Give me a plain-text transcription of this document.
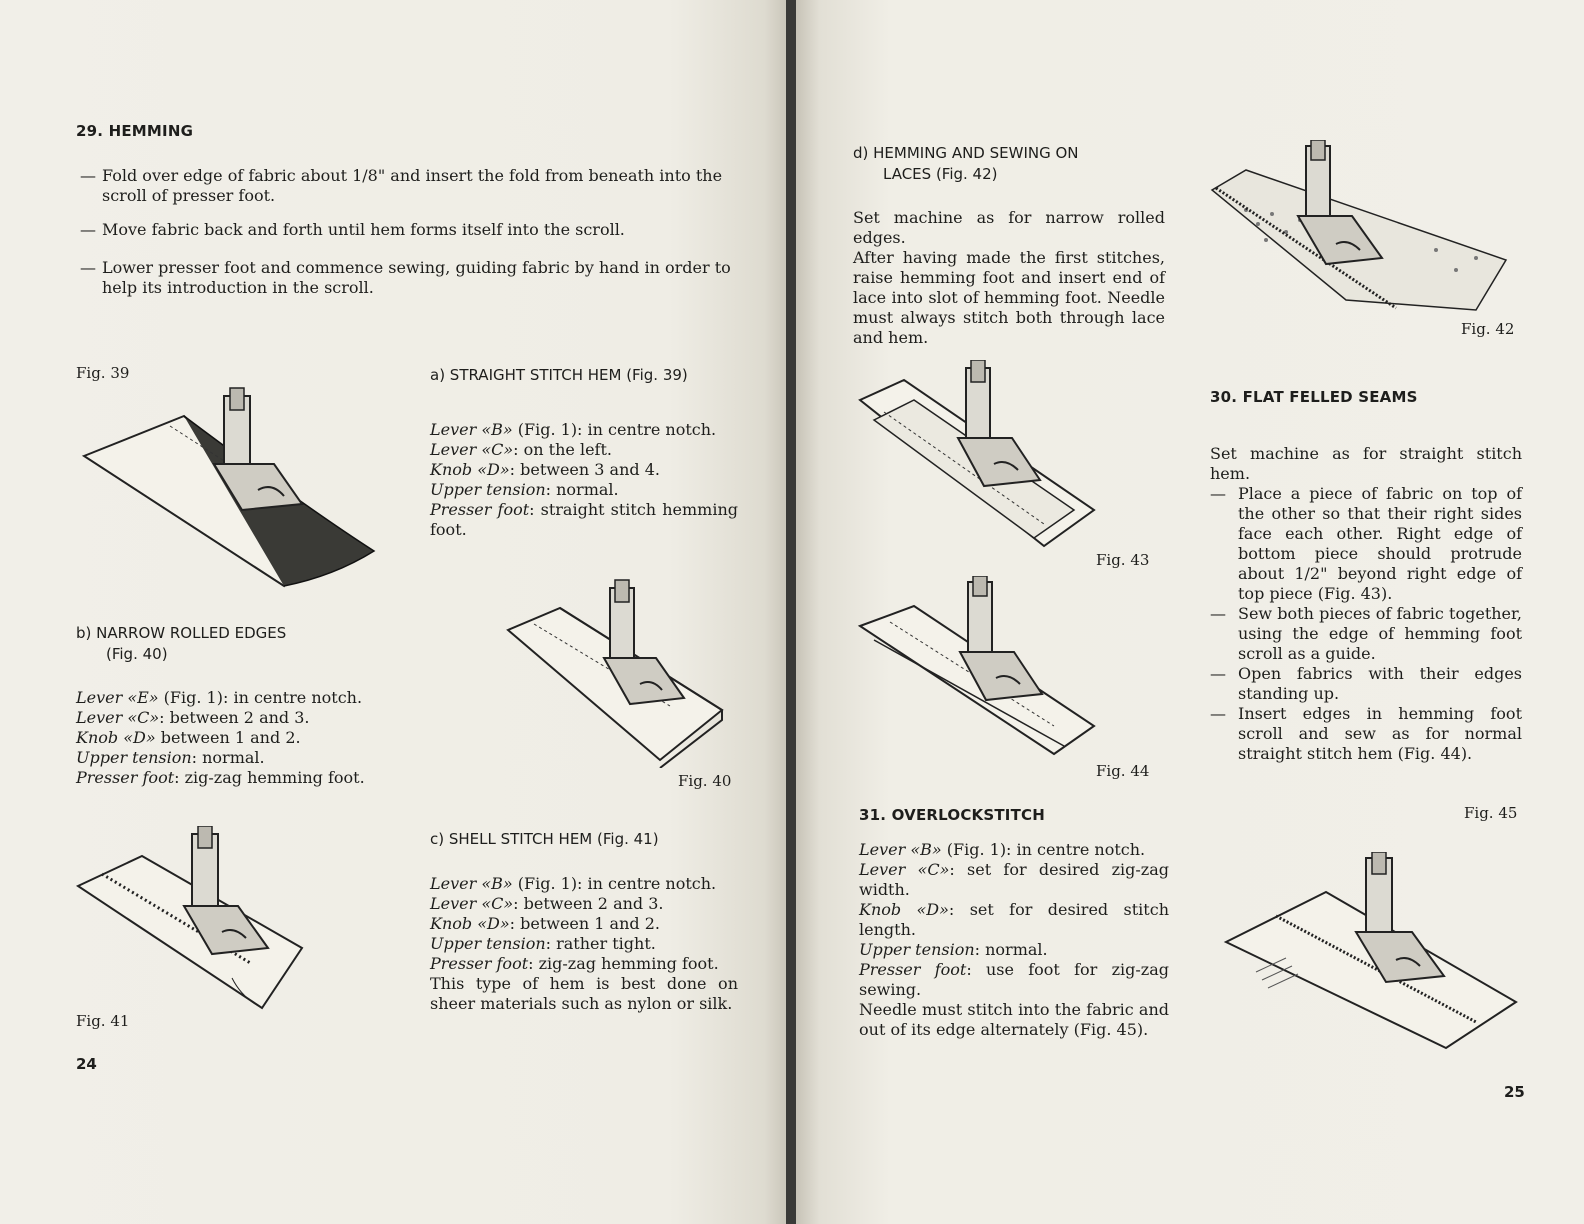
29. HEMMING

— Fold over edge of fabric about 1/8" and insert the fold from beneath into the scroll of presser foot.

— Move fabric back and forth until hem forms itself into the scroll.

— Lower presser foot and commence sewing, guiding fabric by hand in order to help its introduction in the scroll.

Fig. 39	a) STRAIGHT STITCH HEM (Fig. 39)
Lever «B» (Fig. 1): in centre notch.
Lever «C»: on the left.
Knob «D»: between 3 and 4.
Upper tension: normal.
Presser foot: straight stitch hemming foot.
Fig. 40
b) NARROW ROLLED EDGES
(Fig. 40)
Lever «E» (Fig. 1): in centre notch.
Lever «C»: between 2 and 3.
Knob «D» between 1 and 2.
Upper tension: normal.
Presser foot: zig-zag hemming foot.
Fig. 41
c) SHELL STITCH HEM (Fig. 41)
Lever «B» (Fig. 1): in centre notch.
Lever «C»: between 2 and 3.
Knob «D»: between 1 and 2.
Upper tension: rather tight.
Presser foot: zig-zag hemming foot.
This type of hem is best done on sheer materials such as nylon or silk.
24
d) HEMMING AND SEWING ON
LACES (Fig. 42)
Set machine as for narrow rolled edges.
After having made the first stitches, raise hemming foot and insert end of lace into slot of hemming foot. Needle must always stitch both through lace and hem.	Fig. 42
Fig. 43
Fig. 44
30. FLAT FELLED SEAMS
Set machine as for straight stitch hem.

— Place a piece of fabric on top of the other so that their right sides face each other. Right edge of bottom piece should protrude about 1/2" beyond right edge of top piece (Fig. 43).

— Sew both pieces of fabric together, using the edge of hemming foot scroll as a guide.

— Open fabrics with their edges standing up.

— Insert edges in hemming foot scroll and sew as for normal straight stitch hem (Fig. 44).

Fig. 45
31. OVERLOCKSTITCH
Lever «B» (Fig. 1): in centre notch.
Lever «C»: set for desired zig-zag width.
Knob «D»: set for desired stitch length.
Upper tension: normal.
Presser foot: use foot for zig-zag sewing.
Needle must stitch into the fabric and out of its edge alternately (Fig. 45).
25
